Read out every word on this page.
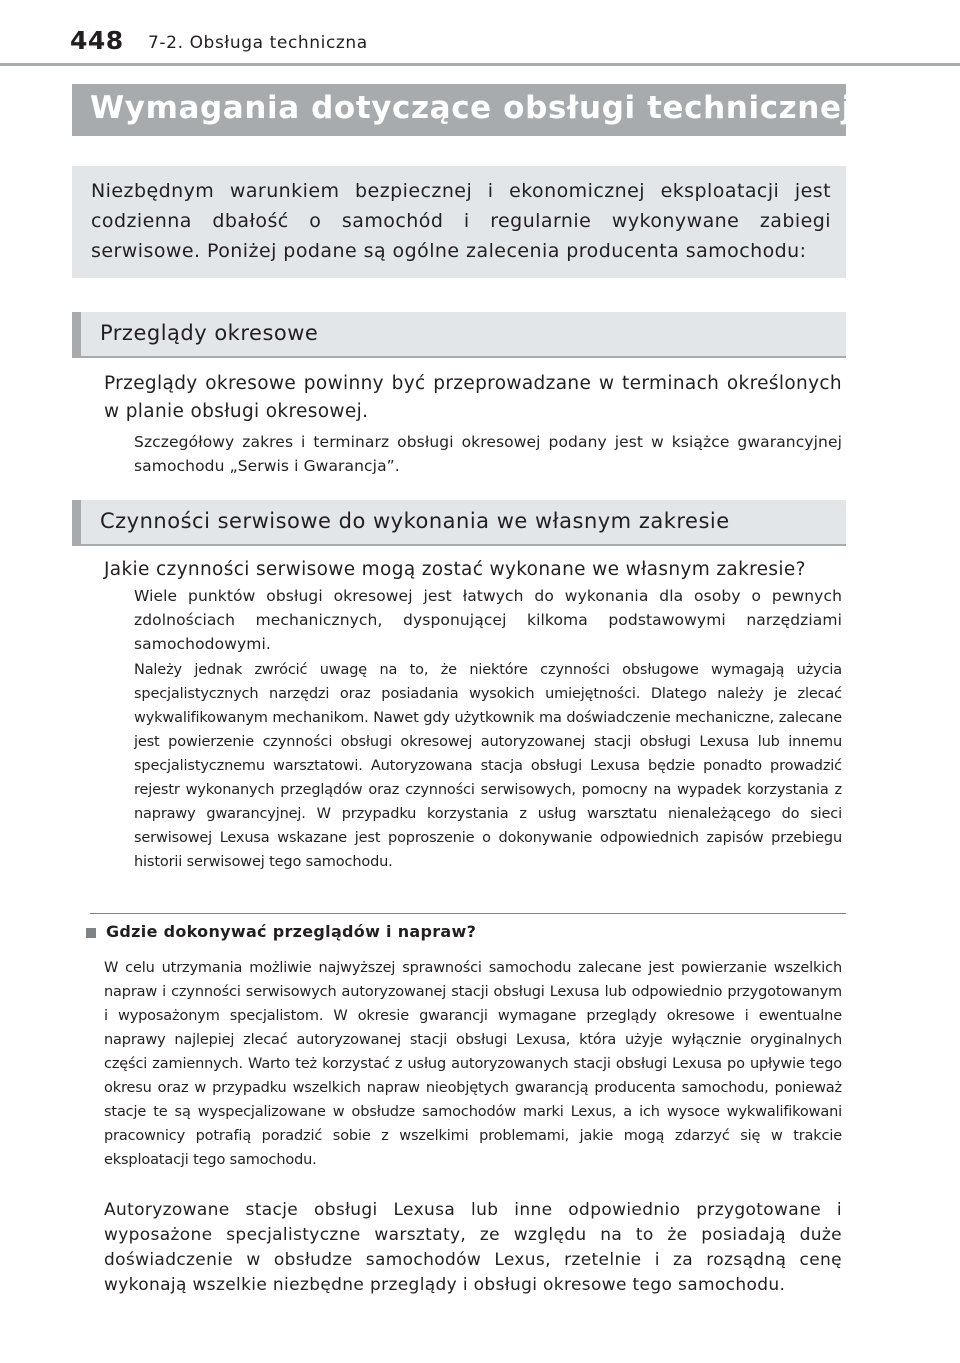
448 7-2. Obsługa techniczna
Wymagania dotyczące obsługi technicznej

Niezbędnym warunkiem bezpiecznej i ekonomicznej eksploatacji jest codzienna dbałość o samochód i regularnie wykonywane zabiegi serwisowe. Poniżej podane są ogólne zalecenia producenta samochodu:

Przeglądy okresowe

Przeglądy okresowe powinny być przeprowadzane w terminach określonych w planie obsługi okresowej.

Szczegółowy zakres i terminarz obsługi okresowej podany jest w książce gwarancyjnej samochodu „Serwis i Gwarancja”.

Czynności serwisowe do wykonania we własnym zakresie

Jakie czynności serwisowe mogą zostać wykonane we własnym zakresie?

Wiele punktów obsługi okresowej jest łatwych do wykonania dla osoby o pewnych zdolnościach mechanicznych, dysponującej kilkoma podstawowymi narzędziami samochodowymi.

Należy jednak zwrócić uwagę na to, że niektóre czynności obsługowe wymagają użycia specjalistycznych narzędzi oraz posiadania wysokich umiejętności. Dlatego należy je zlecać wykwalifikowanym mechanikom. Nawet gdy użytkownik ma doświadczenie mechaniczne, zalecane jest powierzenie czynności obsługi okresowej autoryzowanej stacji obsługi Lexusa lub innemu specjalistycznemu warsztatowi. Autoryzowana stacja obsługi Lexusa będzie ponadto prowadzić rejestr wykonanych przeglądów oraz czynności serwisowych, pomocny na wypadek korzystania z naprawy gwarancyjnej. W przypadku korzystania z usług warsztatu nienależącego do sieci serwisowej Lexusa wskazane jest poproszenie o dokonywanie odpowiednich zapisów przebiegu historii serwisowej tego samochodu.

Gdzie dokonywać przeglądów i napraw?

W celu utrzymania możliwie najwyższej sprawności samochodu zalecane jest powierzanie wszelkich napraw i czynności serwisowych autoryzowanej stacji obsługi Lexusa lub odpowiednio przygotowanym i wyposażonym specjalistom. W okresie gwarancji wymagane przeglądy okresowe i ewentualne naprawy najlepiej zlecać autoryzowanej stacji obsługi Lexusa, która użyje wyłącznie oryginalnych części zamiennych. Warto też korzystać z usług autoryzowanych stacji obsługi Lexusa po upływie tego okresu oraz w przypadku wszelkich napraw nieobjętych gwarancją producenta samochodu, ponieważ stacje te są wyspecjalizowane w obsłudze samochodów marki Lexus, a ich wysoce wykwalifikowani pracownicy potrafią poradzić sobie z wszelkimi problemami, jakie mogą zdarzyć się w trakcie eksploatacji tego samochodu.

Autoryzowane stacje obsługi Lexusa lub inne odpowiednio przygotowane i wyposażone specjalistyczne warsztaty, ze względu na to że posiadają duże doświadczenie w obsłudze samochodów Lexus, rzetelnie i za rozsądną cenę wykonają wszelkie niezbędne przeglądy i obsługi okresowe tego samochodu.
